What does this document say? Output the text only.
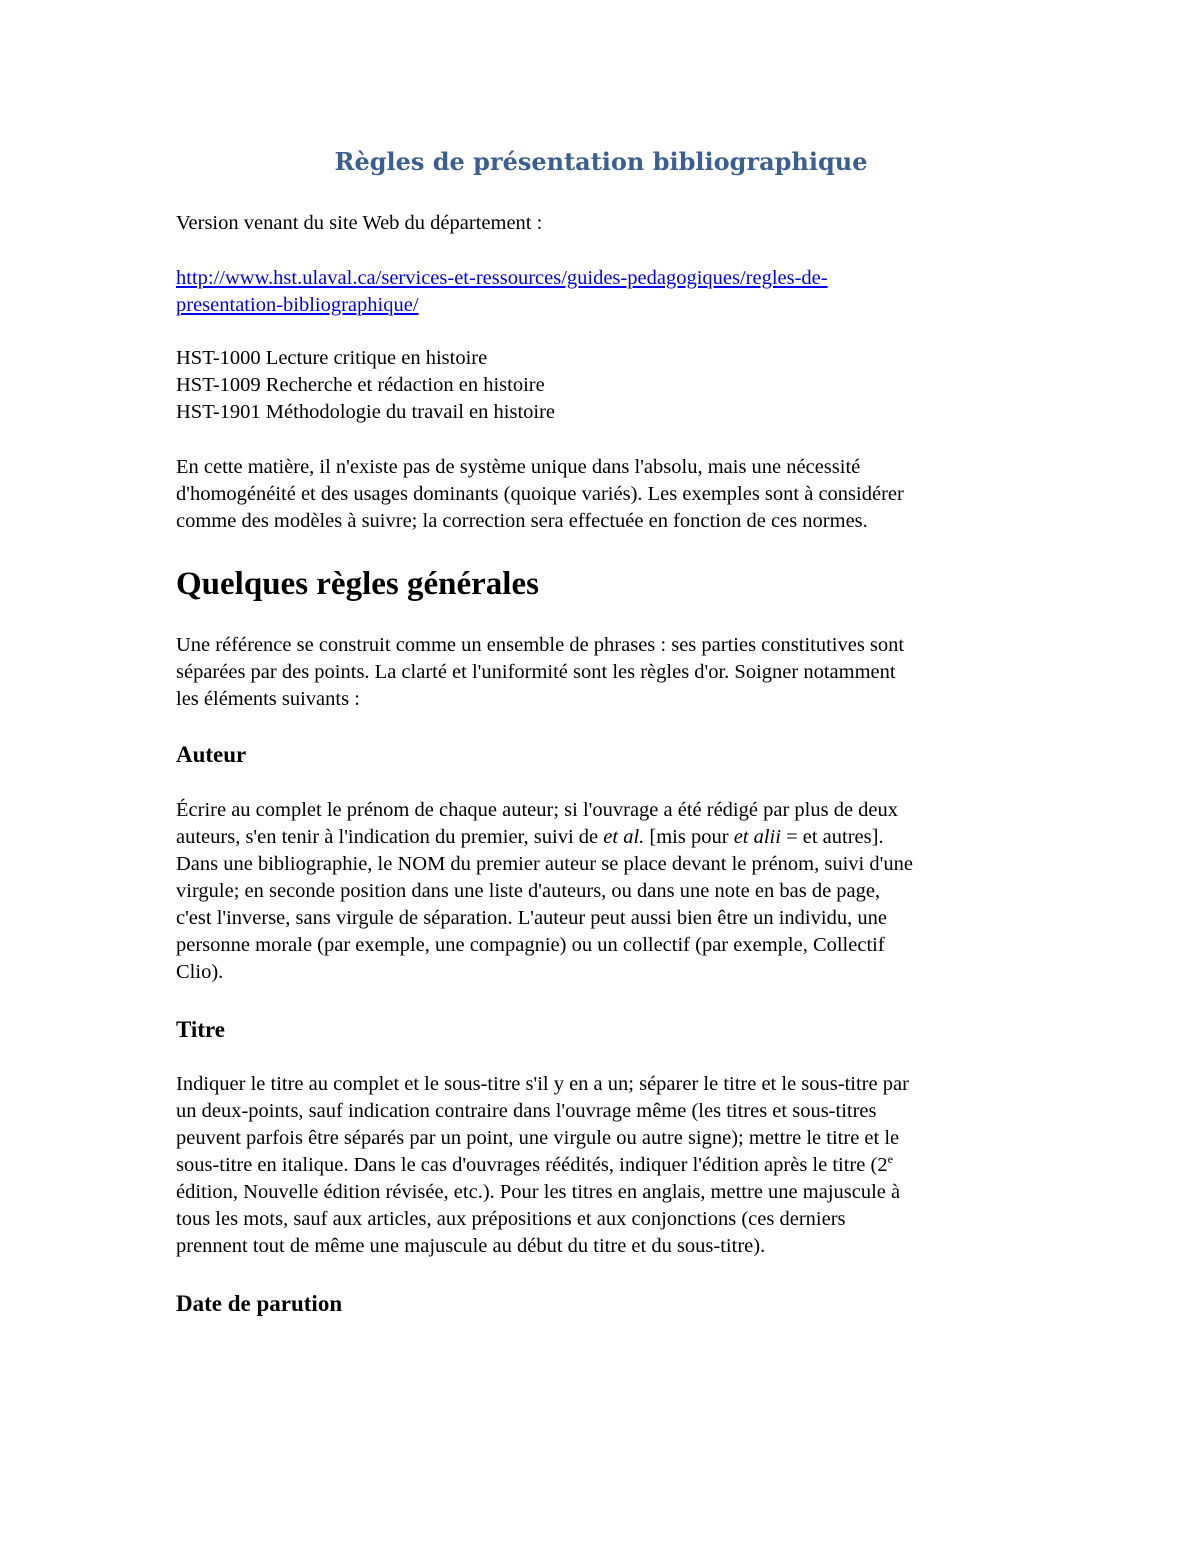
Règles de présentation bibliographique

Version venant du site Web du département :

http://www.hst.ulaval.ca/services-et-ressources/guides-pedagogiques/regles-de-

presentation-bibliographique/

HST-1000 Lecture critique en histoire

HST-1009 Recherche et rédaction en histoire

HST-1901 Méthodologie du travail en histoire

En cette matière, il n'existe pas de système unique dans l'absolu, mais une nécessité

d'homogénéité et des usages dominants (quoique variés). Les exemples sont à considérer

comme des modèles à suivre; la correction sera effectuée en fonction de ces normes.

Quelques règles générales

Une référence se construit comme un ensemble de phrases : ses parties constitutives sont

séparées par des points. La clarté et l'uniformité sont les règles d'or. Soigner notamment

les éléments suivants :

Auteur

Écrire au complet le prénom de chaque auteur; si l'ouvrage a été rédigé par plus de deux

auteurs, s'en tenir à l'indication du premier, suivi de et al. [mis pour et alii = et autres].

Dans une bibliographie, le NOM du premier auteur se place devant le prénom, suivi d'une

virgule; en seconde position dans une liste d'auteurs, ou dans une note en bas de page,

c'est l'inverse, sans virgule de séparation. L'auteur peut aussi bien être un individu, une

personne morale (par exemple, une compagnie) ou un collectif (par exemple, Collectif

Clio).

Titre

Indiquer le titre au complet et le sous-titre s'il y en a un; séparer le titre et le sous-titre par

un deux-points, sauf indication contraire dans l'ouvrage même (les titres et sous-titres

peuvent parfois être séparés par un point, une virgule ou autre signe); mettre le titre et le

sous-titre en italique. Dans le cas d'ouvrages réédités, indiquer l'édition après le titre (2e

édition, Nouvelle édition révisée, etc.). Pour les titres en anglais, mettre une majuscule à

tous les mots, sauf aux articles, aux prépositions et aux conjonctions (ces derniers

prennent tout de même une majuscule au début du titre et du sous-titre).

Date de parution
